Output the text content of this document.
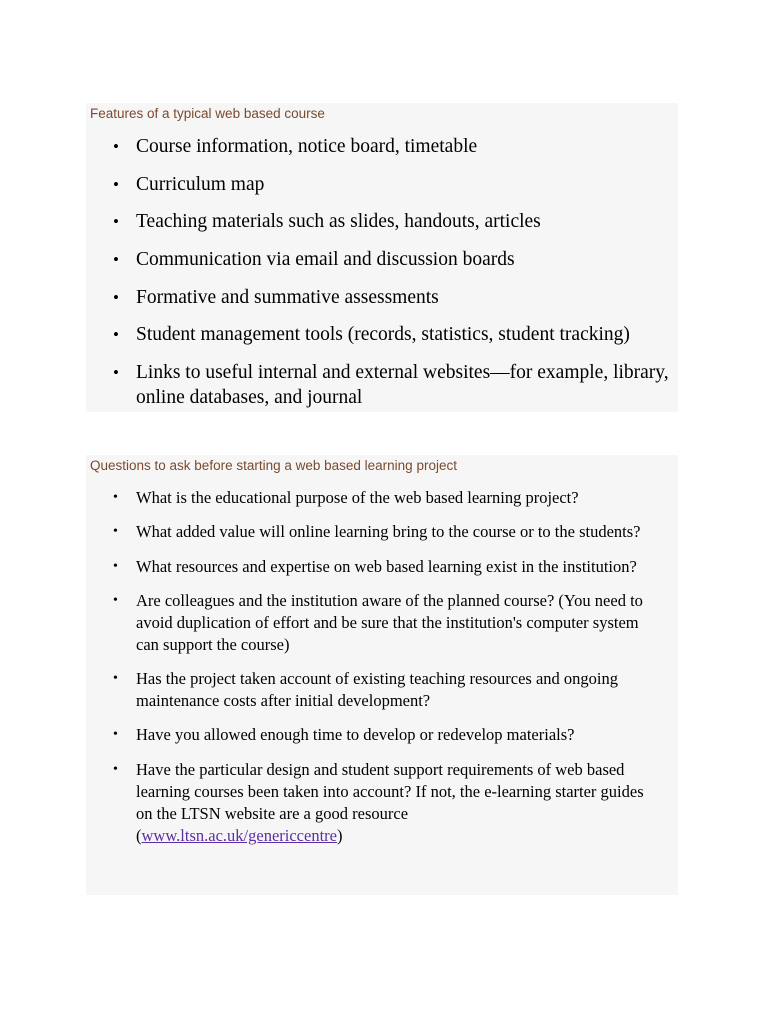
Features of a typical web based course
• Course information, notice board, timetable
• Curriculum map
• Teaching materials such as slides, handouts, articles
• Communication via email and discussion boards
• Formative and summative assessments
• Student management tools (records, statistics, student tracking)
• Links to useful internal and external websites—for example, library, online databases, and journal
Questions to ask before starting a web based learning project
• What is the educational purpose of the web based learning project?
• What added value will online learning bring to the course or to the students?
• What resources and expertise on web based learning exist in the institution?
• Are colleagues and the institution aware of the planned course? (You need to avoid duplication of effort and be sure that the institution's computer system can support the course)
• Has the project taken account of existing teaching resources and ongoing maintenance costs after initial development?
• Have you allowed enough time to develop or redevelop materials?
• Have the particular design and student support requirements of web based learning courses been taken into account? If not, the e-learning starter guides on the LTSN website are a good resource
(www.ltsn.ac.uk/genericcentre)
